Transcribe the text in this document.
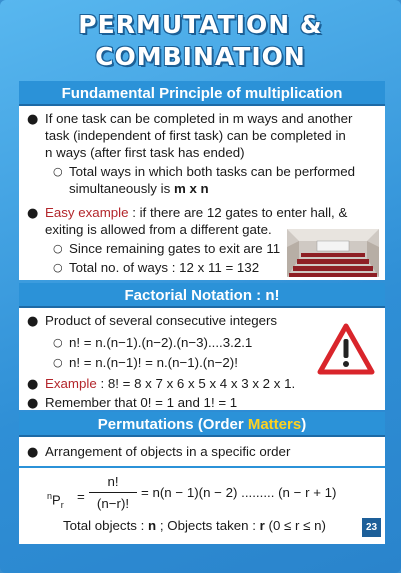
PERMUTATION &
COMBINATION
Fundamental Principle of multiplication
● If one task can be completed in m ways and another
task (independent of first task) can be completed in
n ways (after first task has ended)
○ Total ways in which both tasks can be performed
simultaneously is m x n
● Easy example : if there are 12 gates to enter hall, &
exiting is allowed from a different gate.
○ Since remaining gates to exit are 11
○ Total no. of ways : 12 x 11 = 132
Factorial Notation : n!
● Product of several consecutive integers
○ n! = n.(n−1).(n−2).(n−3)....3.2.1
○ n! = n.(n−1)! = n.(n−1).(n−2)!
● Example : 8! = 8 x 7 x 6 x 5 x 4 x 3 x 2 x 1.
● Remember that 0! = 1 and 1! = 1
Permutations (Order Matters)
● Arrangement of objects in a specific order
$^nP_r$
=
n!
(n−r)!
= n(n − 1)(n − 2) ......... (n − r + 1)
Total objects : n ; Objects taken : r (0 ≤ r ≤ n)	23
